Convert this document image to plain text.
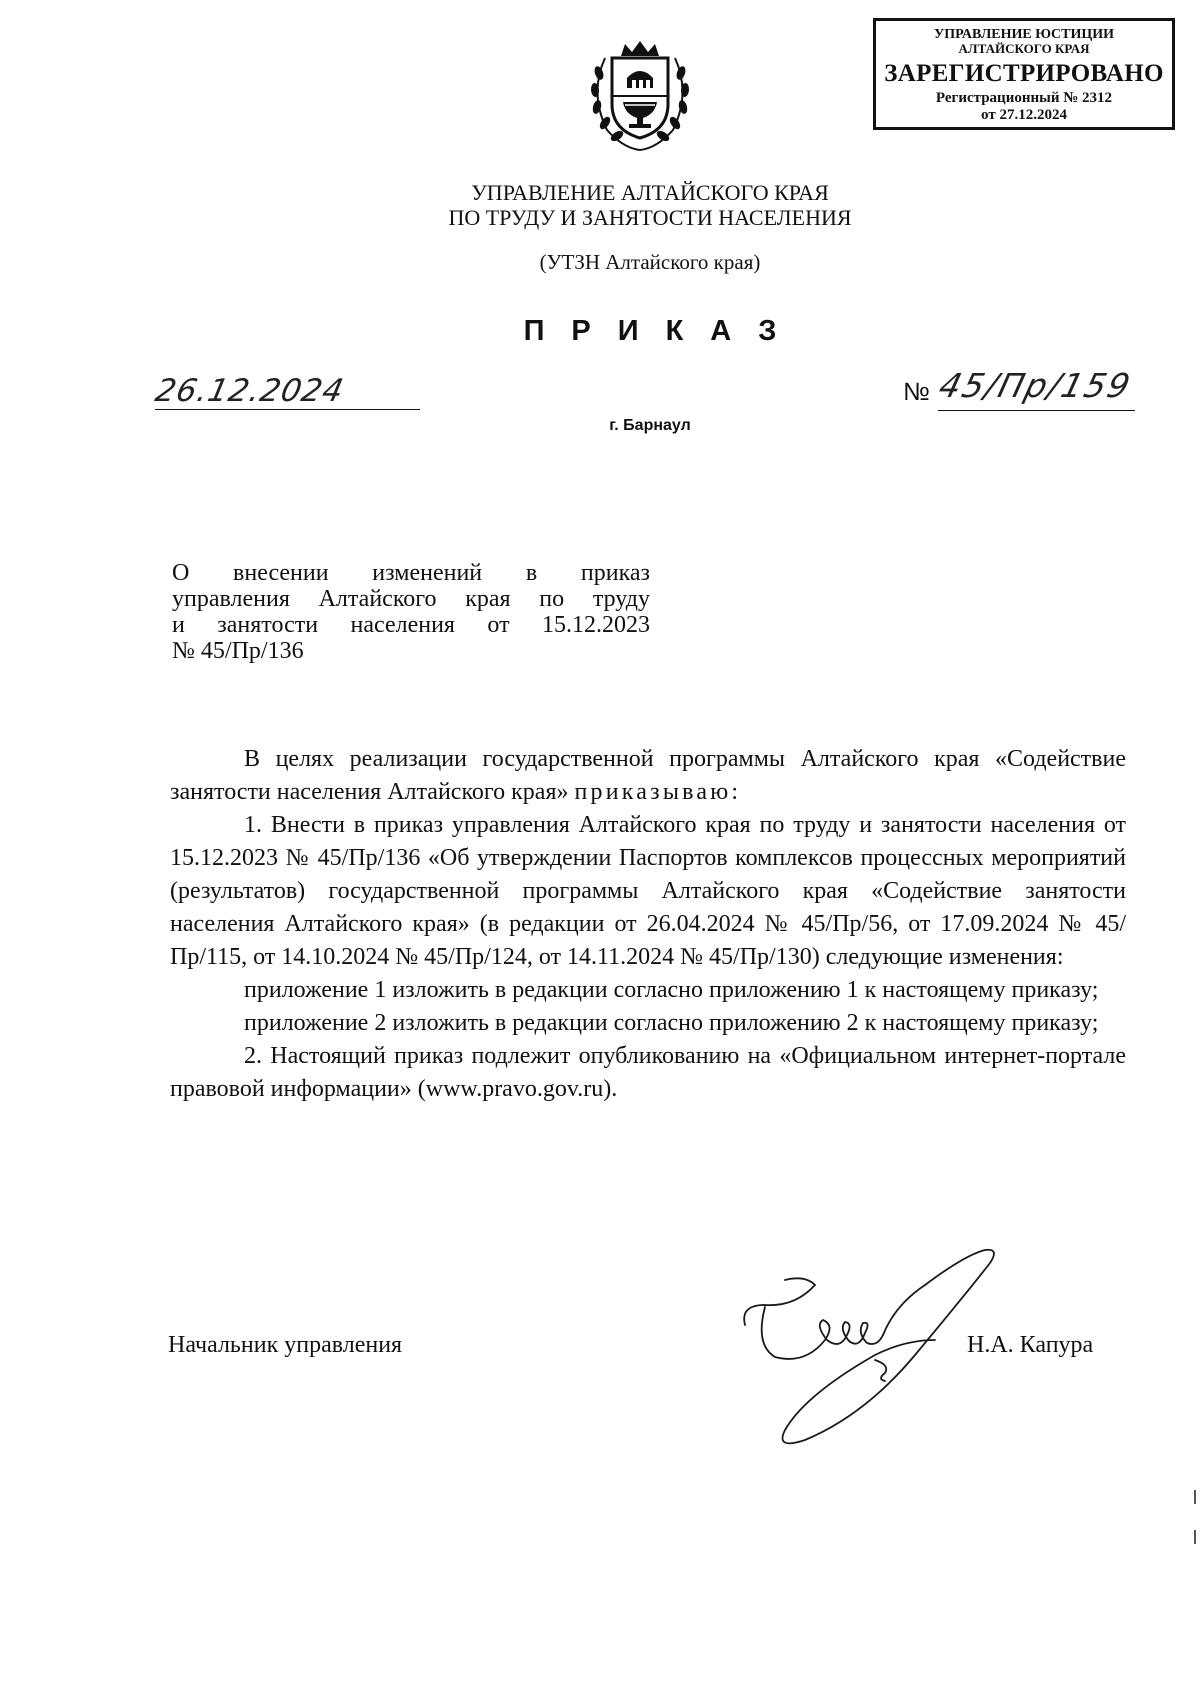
УПРАВЛЕНИЕ ЮСТИЦИИ
АЛТАЙСКОГО КРАЯ
ЗАРЕГИСТРИРОВАНО
Регистрационный № 2312
от 27.12.2024
УПРАВЛЕНИЕ АЛТАЙСКОГО КРАЯ
ПО ТРУДУ И ЗАНЯТОСТИ НАСЕЛЕНИЯ
(УТЗН Алтайского края)
ПРИКАЗ
26.12.2024	№ 45/Пр/159
г. Барнаул
О внесении изменений в приказ
управления Алтайского края по труду
и занятости населения от 15.12.2023
№ 45/Пр/136

В целях реализации государственной программы Алтайского края «Содействие занятости населения Алтайского края» приказываю:

1. Внести в приказ управления Алтайского края по труду и занятости населения от 15.12.2023 № 45/Пр/136 «Об утверждении Паспортов комплексов процессных мероприятий (результатов) государственной программы Алтайского края «Содействие занятости населения Алтайского края» (в редакции от 26.04.2024 № 45/Пр/56, от 17.09.2024 № 45/Пр/115, от 14.10.2024 № 45/Пр/124, от 14.11.2024 № 45/Пр/130) следующие изменения:

приложение 1 изложить в редакции согласно приложению 1 к настоящему приказу;

приложение 2 изложить в редакции согласно приложению 2 к настоящему приказу;

2. Настоящий приказ подлежит опубликованию на «Официальном интернет-портале правовой информации» (www.pravo.gov.ru).

Начальник управления	Н.А. Капура
